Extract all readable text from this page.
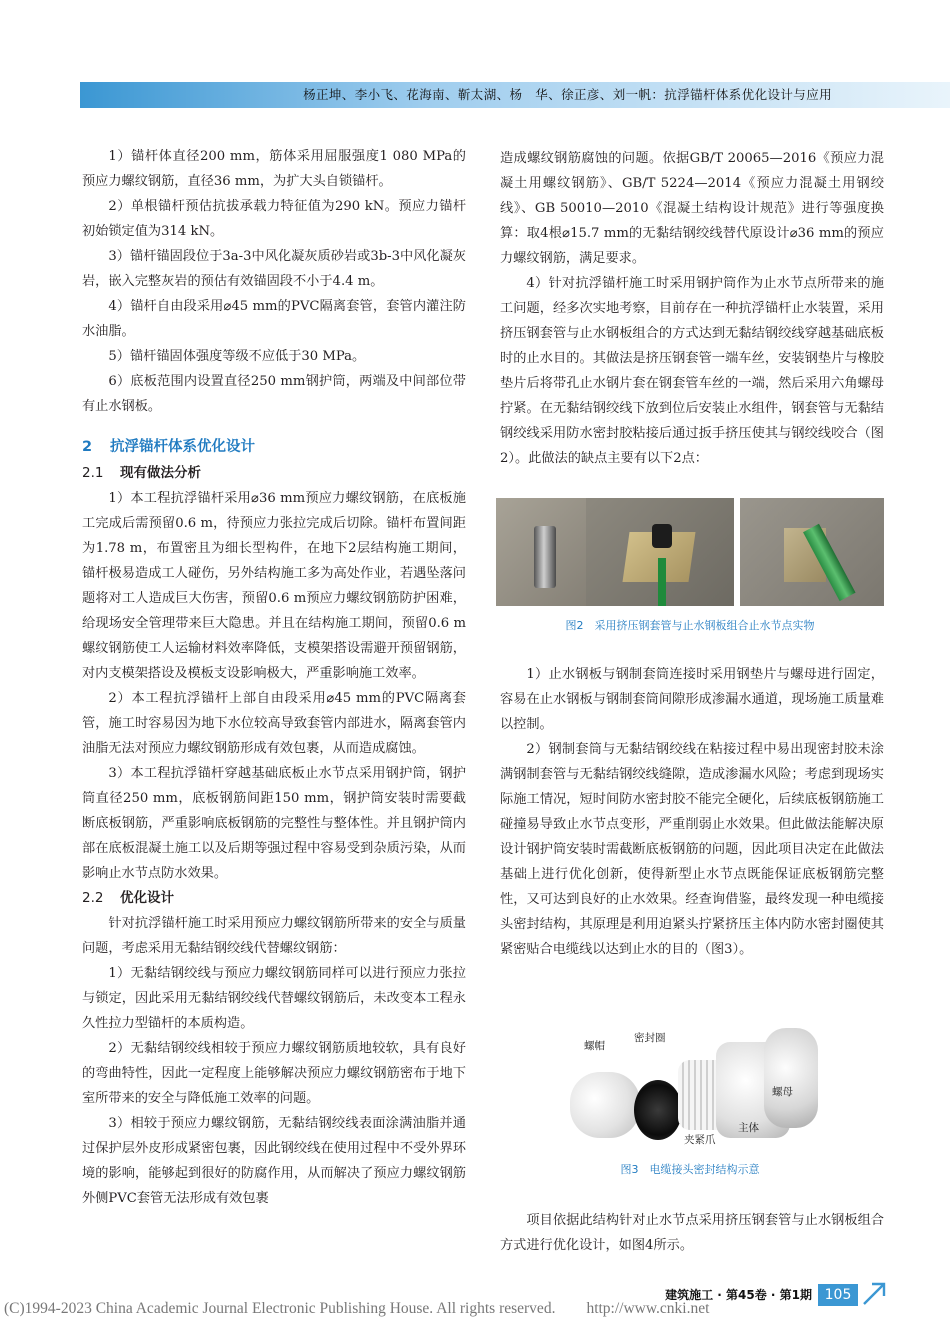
杨正坤、李小飞、花海南、靳太湖、杨　华、徐正彦、刘一帆：抗浮锚杆体系优化设计与应用

1）锚杆体直径200 mm，筋体采用屈服强度1 080 MPa的预应力螺纹钢筋，直径36 mm，为扩大头自锁锚杆。

2）单根锚杆预估抗拔承载力特征值为290 kN。预应力锚杆初始锁定值为314 kN。

3）锚杆锚固段位于3a-3中风化凝灰质砂岩或3b-3中风化凝灰岩，嵌入完整灰岩的预估有效锚固段不小于4.4 m。

4）锚杆自由段采用⌀45 mm的PVC隔离套管，套管内灌注防水油脂。

5）锚杆锚固体强度等级不应低于30 MPa。

6）底板范围内设置直径250 mm钢护筒，两端及中间部位带有止水钢板。

2 抗浮锚杆体系优化设计

2.1 现有做法分析

1）本工程抗浮锚杆采用⌀36 mm预应力螺纹钢筋，在底板施工完成后需预留0.6 m，待预应力张拉完成后切除。锚杆布置间距为1.78 m，布置密且为细长型构件，在地下2层结构施工期间，锚杆极易造成工人碰伤，另外结构施工多为高处作业，若遇坠落问题将对工人造成巨大伤害，预留0.6 m预应力螺纹钢筋防护困难，给现场安全管理带来巨大隐患。并且在结构施工期间，预留0.6 m螺纹钢筋使工人运输材料效率降低，支模架搭设需避开预留钢筋，对内支模架搭设及模板支设影响极大，严重影响施工效率。

2）本工程抗浮锚杆上部自由段采用⌀45 mm的PVC隔离套管，施工时容易因为地下水位较高导致套管内部进水，隔离套管内油脂无法对预应力螺纹钢筋形成有效包裹，从而造成腐蚀。

3）本工程抗浮锚杆穿越基础底板止水节点采用钢护筒，钢护筒直径250 mm，底板钢筋间距150 mm，钢护筒安装时需要截断底板钢筋，严重影响底板钢筋的完整性与整体性。并且钢护筒内部在底板混凝土施工以及后期等强过程中容易受到杂质污染，从而影响止水节点防水效果。

2.2 优化设计

针对抗浮锚杆施工时采用预应力螺纹钢筋所带来的安全与质量问题，考虑采用无黏结钢绞线代替螺纹钢筋：

1）无黏结钢绞线与预应力螺纹钢筋同样可以进行预应力张拉与锁定，因此采用无黏结钢绞线代替螺纹钢筋后，未改变本工程永久性拉力型锚杆的本质构造。

2）无黏结钢绞线相较于预应力螺纹钢筋质地较软，具有良好的弯曲特性，因此一定程度上能够解决预应力螺纹钢筋密布于地下室所带来的安全与降低施工效率的问题。

3）相较于预应力螺纹钢筋，无黏结钢绞线表面涂满油脂并通过保护层外皮形成紧密包裹，因此钢绞线在使用过程中不受外界环境的影响，能够起到很好的防腐作用，从而解决了预应力螺纹钢筋外侧PVC套管无法形成有效包裹

造成螺纹钢筋腐蚀的问题。依据GB/T 20065—2016《预应力混凝土用螺纹钢筋》、GB/T 5224—2014《预应力混凝土用钢绞线》、GB 50010—2010《混凝土结构设计规范》进行等强度换算：取4根⌀15.7 mm的无黏结钢绞线替代原设计⌀36 mm的预应力螺纹钢筋，满足要求。

4）针对抗浮锚杆施工时采用钢护筒作为止水节点所带来的施工问题，经多次实地考察，目前存在一种抗浮锚杆止水装置，采用挤压钢套管与止水钢板组合的方式达到无黏结钢绞线穿越基础底板时的止水目的。其做法是挤压钢套管一端车丝，安装钢垫片与橡胶垫片后将带孔止水钢片套在钢套管车丝的一端，然后采用六角螺母拧紧。在无黏结钢绞线下放到位后安装止水组件，钢套管与无黏结钢绞线采用防水密封胶粘接后通过扳手挤压使其与钢绞线咬合（图2）。此做法的缺点主要有以下2点：

图2　采用挤压钢套管与止水钢板组合止水节点实物

1）止水钢板与钢制套筒连接时采用钢垫片与螺母进行固定，容易在止水钢板与钢制套筒间隙形成渗漏水通道，现场施工质量难以控制。

2）钢制套筒与无黏结钢绞线在粘接过程中易出现密封胶未涂满钢制套管与无黏结钢绞线缝隙，造成渗漏水风险；考虑到现场实际施工情况，短时间防水密封胶不能完全硬化，后续底板钢筋施工碰撞易导致止水节点变形，严重削弱止水效果。但此做法能解决原设计钢护筒安装时需截断底板钢筋的问题，因此项目决定在此做法基础上进行优化创新，使得新型止水节点既能保证底板钢筋完整性，又可达到良好的止水效果。经查询借鉴，最终发现一种电缆接头密封结构，其原理是利用迫紧头拧紧挤压主体内防水密封圈使其紧密贴合电缆线以达到止水的目的（图3）。

螺帽
密封圈
夹紧爪
主体
螺母
图3　电缆接头密封结构示意

项目依据此结构针对止水节点采用挤压钢套管与止水钢板组合方式进行优化设计，如图4所示。

建筑施工 · 第45卷 · 第1期 105
(C)1994-2023 China Academic Journal Electronic Publishing House. All rights reserved.　　http://www.cnki.net
